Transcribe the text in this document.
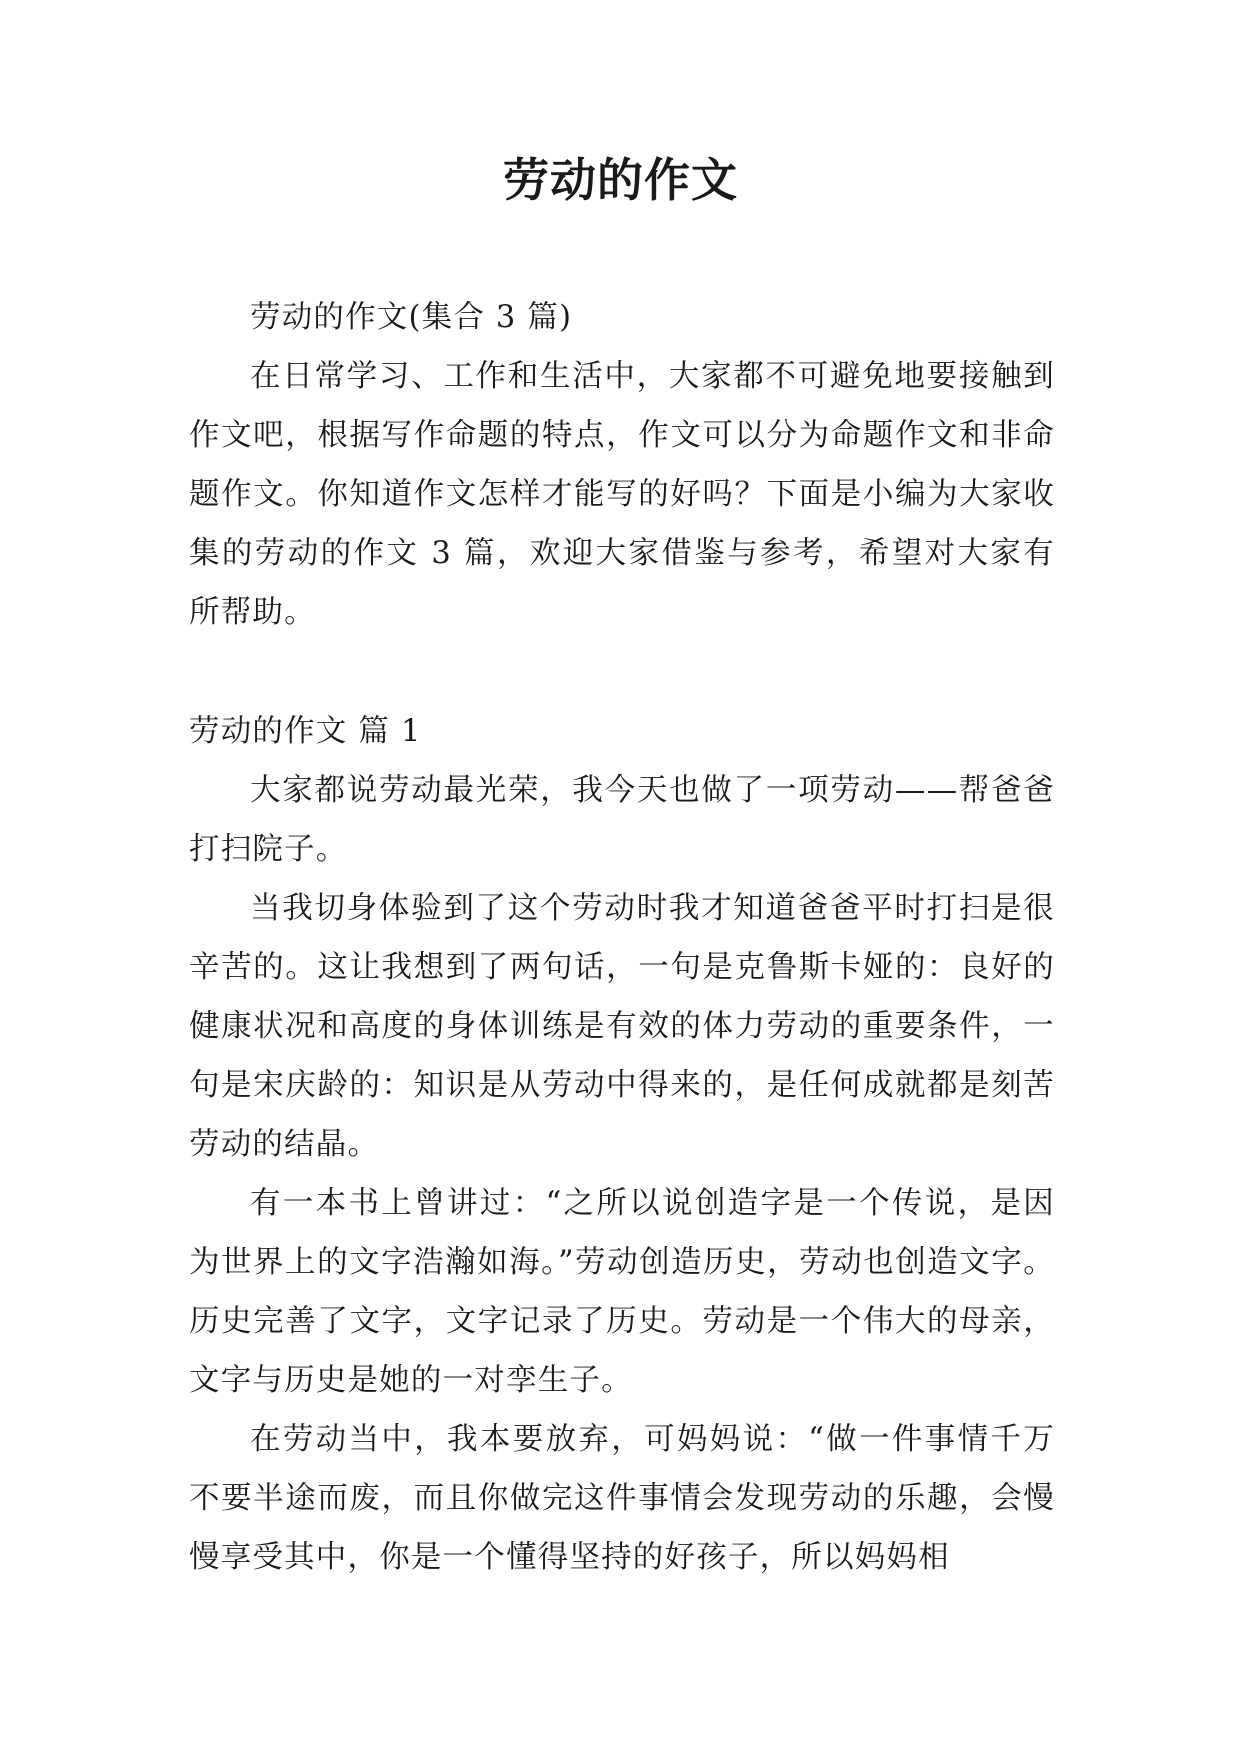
劳动的作文

劳动的作文(集合 3 篇)

在日常学习、工作和生活中，大家都不可避免地要接触到作文吧，根据写作命题的特点，作文可以分为命题作文和非命题作文。你知道作文怎样才能写的好吗？下面是小编为大家收集的劳动的作文 3 篇，欢迎大家借鉴与参考，希望对大家有所帮助。

劳动的作文 篇 1

大家都说劳动最光荣，我今天也做了一项劳动——帮爸爸打扫院子。

当我切身体验到了这个劳动时我才知道爸爸平时打扫是很辛苦的。这让我想到了两句话，一句是克鲁斯卡娅的：良好的健康状况和高度的身体训练是有效的体力劳动的重要条件，一句是宋庆龄的：知识是从劳动中得来的，是任何成就都是刻苦劳动的结晶。

有一本书上曾讲过：“之所以说创造字是一个传说，是因为世界上的文字浩瀚如海。”劳动创造历史，劳动也创造文字。历史完善了文字，文字记录了历史。劳动是一个伟大的母亲，文字与历史是她的一对孪生子。

在劳动当中，我本要放弃，可妈妈说：“做一件事情千万不要半途而废，而且你做完这件事情会发现劳动的乐趣，会慢慢享受其中，你是一个懂得坚持的好孩子，所以妈妈相
